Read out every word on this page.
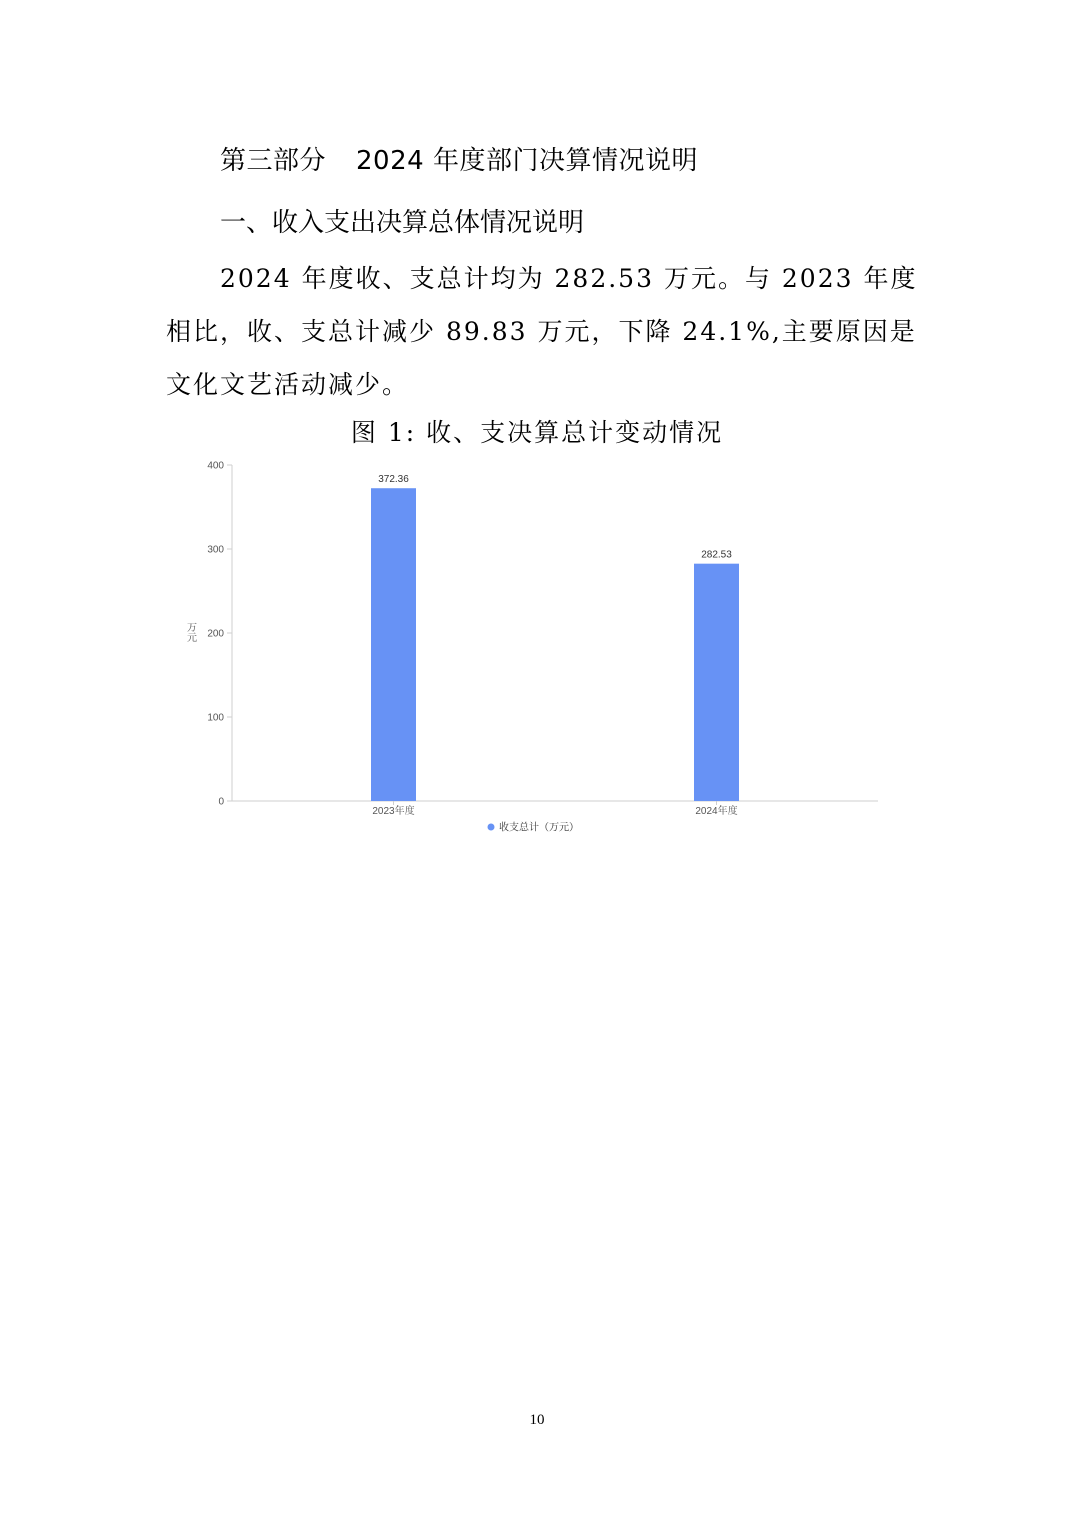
第三部分 2024 年度部门决算情况说明
一、收入支出决算总体情况说明

2024 年度收、支总计均为 282.53 万元。与 2023 年度相比，收、支总计减少 89.83 万元，下降 24.1%,主要原因是文化文艺活动减少。

图 1: 收、支决算总计变动情况
0
100
200
300
400
万元
372.36
2023年度
282.53
2024年度
收支总计（万元）
10
